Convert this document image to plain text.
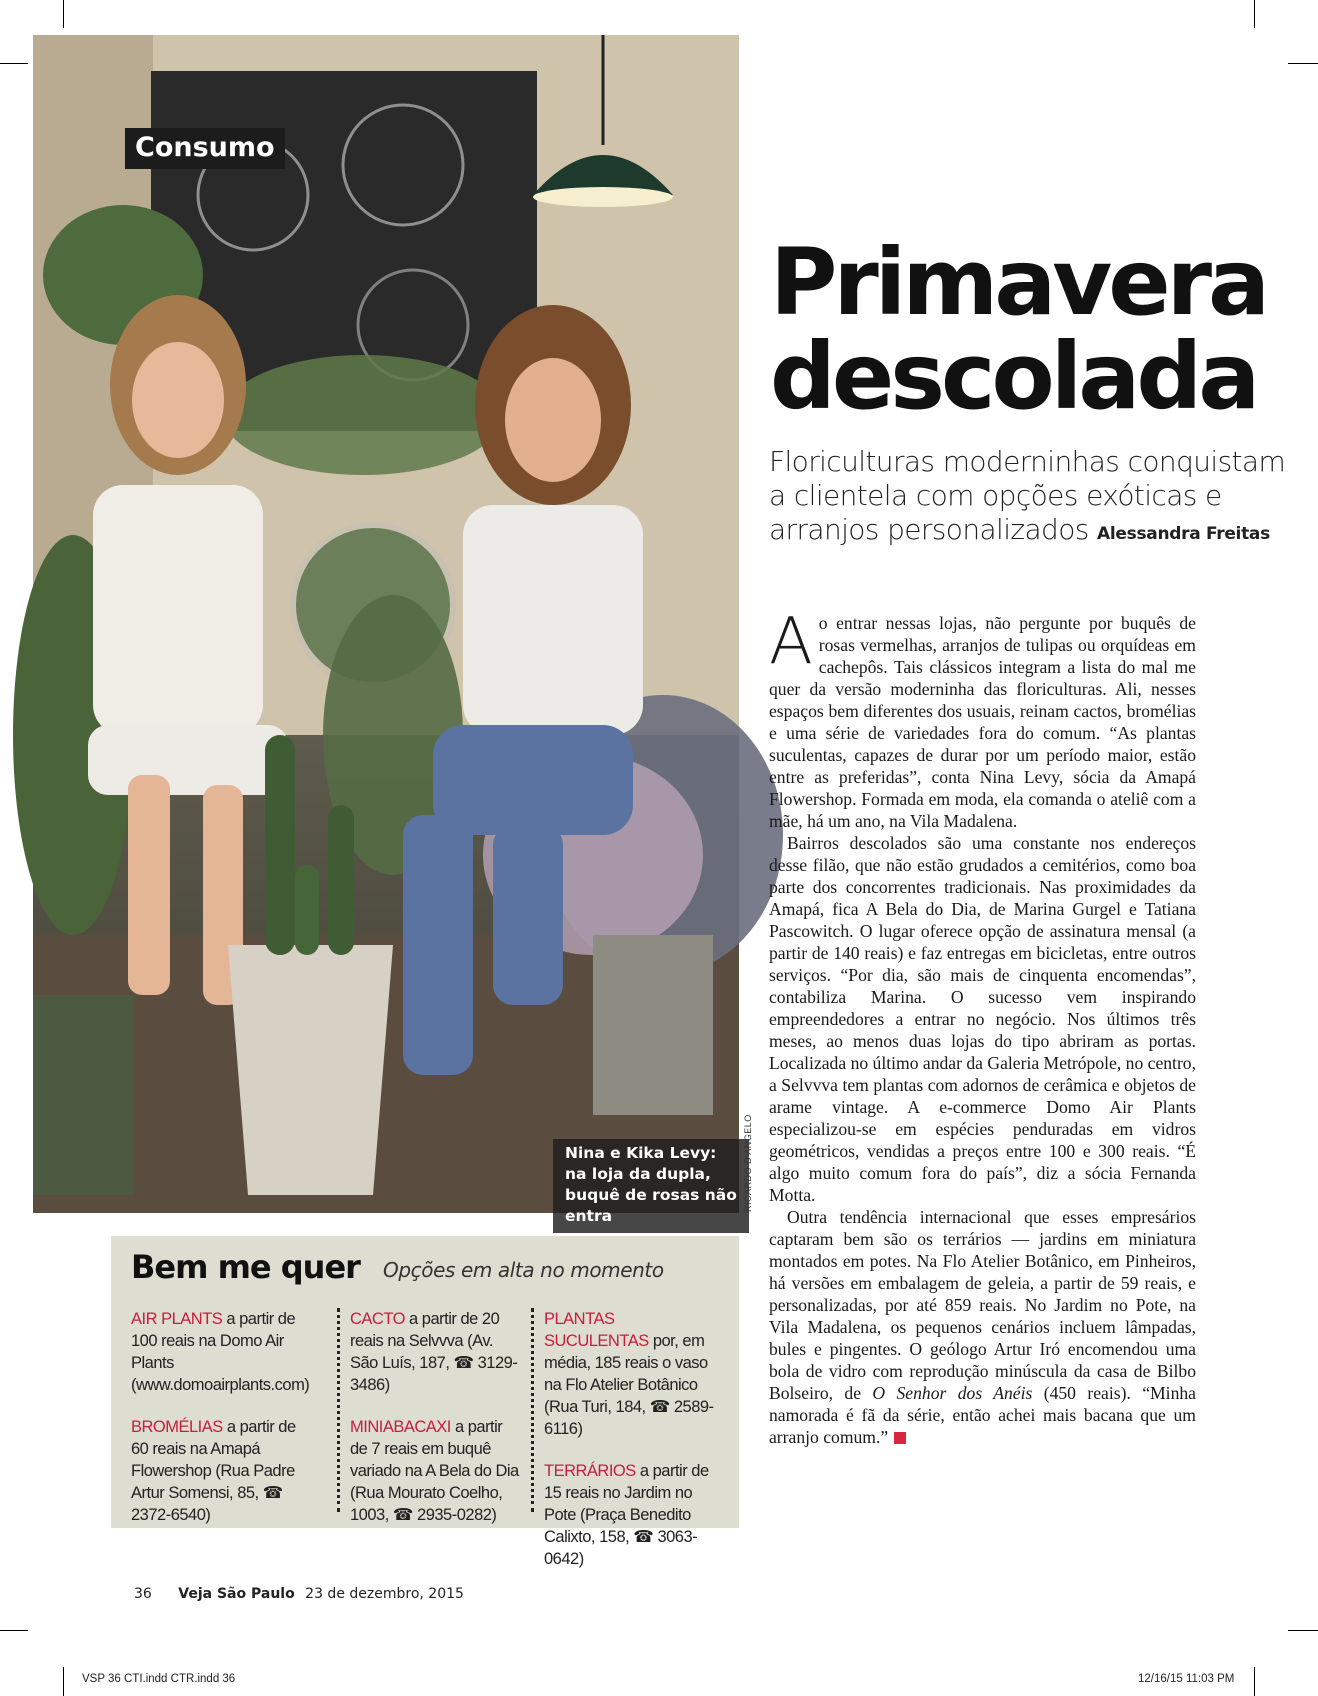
Consumo
Nina e Kika Levy: na loja da dupla, buquê de rosas não entra
RICARDO D'ANGELO
Primavera
descolada
Floriculturas moderninhas conquistam a clientela com opções exóticas e arranjos personalizados Alessandra Freitas

Ao entrar nessas lojas, não pergunte por buquês de rosas vermelhas, arranjos de tulipas ou orquídeas em cachepôs. Tais clássicos integram a lista do mal me quer da versão moderninha das floriculturas. Ali, nesses espaços bem diferentes dos usuais, reinam cactos, bromélias e uma série de variedades fora do comum. “As plantas suculentas, capazes de durar por um período maior, estão entre as preferidas”, conta Nina Levy, sócia da Amapá Flowershop. Formada em moda, ela comanda o ateliê com a mãe, há um ano, na Vila Madalena.

Bairros descolados são uma constante nos endereços desse filão, que não estão grudados a cemitérios, como boa parte dos concorrentes tradicionais. Nas proximidades da Amapá, fica A Bela do Dia, de Marina Gurgel e Tatiana Pascowitch. O lugar oferece opção de assinatura mensal (a partir de 140 reais) e faz entregas em bicicletas, entre outros serviços. “Por dia, são mais de cinquenta encomendas”, contabiliza Marina. O sucesso vem inspirando empreendedores a entrar no negócio. Nos últimos três meses, ao menos duas lojas do tipo abriram as portas. Localizada no último andar da Galeria Metrópole, no centro, a Selvvva tem plantas com adornos de cerâmica e objetos de arame vintage. A e-commerce Domo Air Plants especializou-se em espécies penduradas em vidros geométricos, vendidas a preços entre 100 e 300 reais. “É algo muito comum fora do país”, diz a sócia Fernanda Motta.

Outra tendência internacional que esses empresários captaram bem são os terrários — jardins em miniatura montados em potes. Na Flo Atelier Botânico, em Pinheiros, há versões em embalagem de geleia, a partir de 59 reais, e personalizadas, por até 859 reais. No Jardim no Pote, na Vila Madalena, os pequenos cenários incluem lâmpadas, bules e pingentes. O geólogo Artur Iró encomendou uma bola de vidro com reprodução minúscula da casa de Bilbo Bolseiro, de O Senhor dos Anéis (450 reais). “Minha namorada é fã da série, então achei mais bacana que um arranjo comum.”

Bem me quer Opções em alta no momento
AIR PLANTS a partir de 100 reais na Domo Air Plants (www.domoairplants.com)
BROMÉLIAS a partir de 60 reais na Amapá Flowershop (Rua Padre Artur Somensi, 85, ☎ 2372-6540)
CACTO a partir de 20 reais na Selvvva (Av. São Luís, 187, ☎ 3129-3486)
MINIABACAXI a partir de 7 reais em buquê variado na A Bela do Dia (Rua Mourato Coelho, 1003, ☎ 2935-0282)
PLANTAS SUCULENTAS por, em média, 185 reais o vaso na Flo Atelier Botânico (Rua Turi, 184, ☎ 2589-6116)
TERRÁRIOS a partir de 15 reais no Jardim no Pote (Praça Benedito Calixto, 158, ☎ 3063-0642)
36 Veja São Paulo 23 de dezembro, 2015
VSP 36 CTI.indd CTR.indd 36	12/16/15 11:03 PM
